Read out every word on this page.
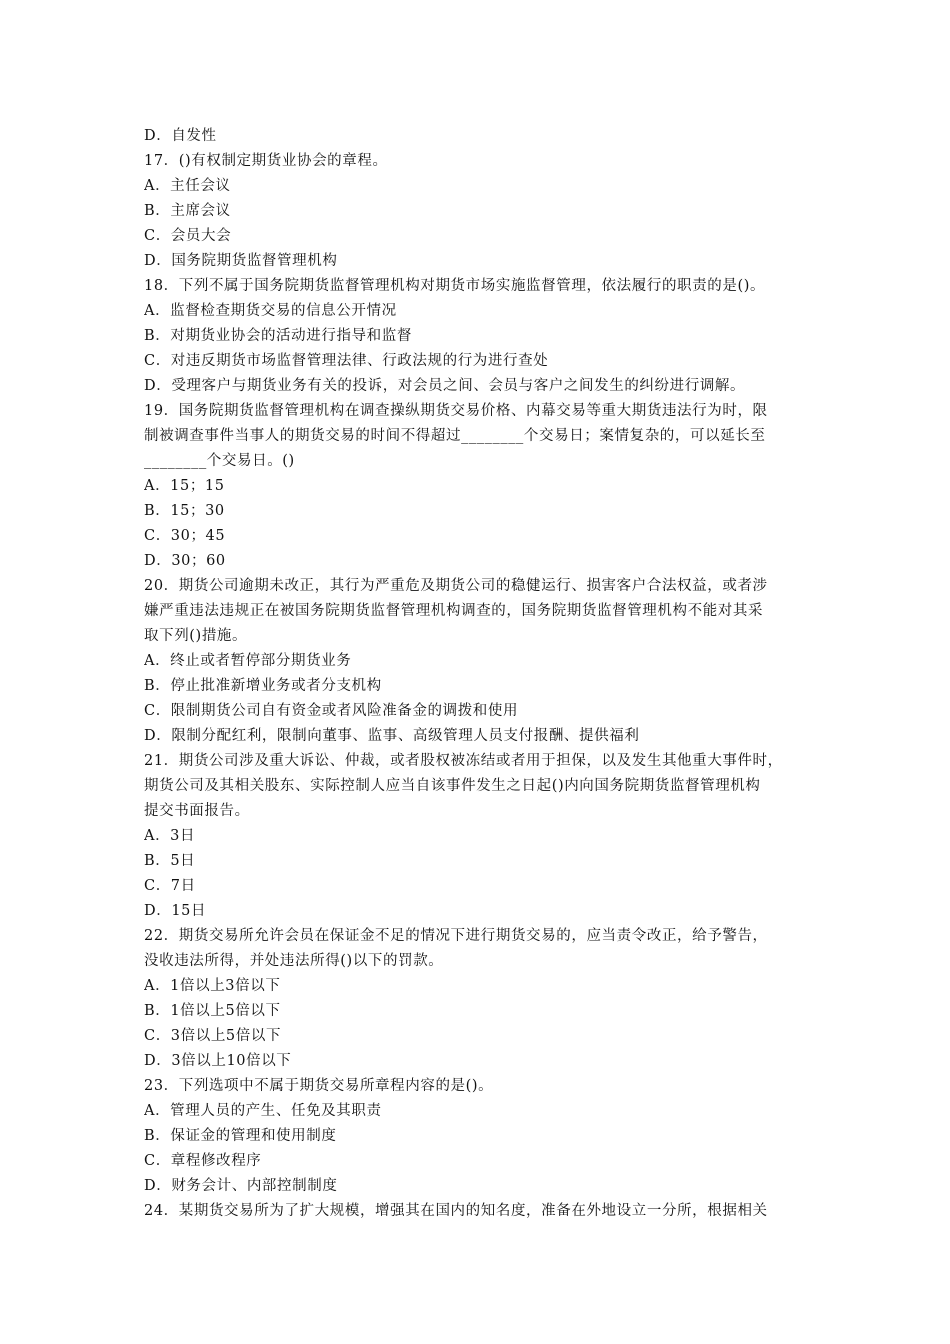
D．自发性
17．()有权制定期货业协会的章程。
A．主任会议
B．主席会议
C．会员大会
D．国务院期货监督管理机构
18．下列不属于国务院期货监督管理机构对期货市场实施监督管理，依法履行的职责的是()。
A．监督检查期货交易的信息公开情况
B．对期货业协会的活动进行指导和监督
C．对违反期货市场监督管理法律、行政法规的行为进行查处
D．受理客户与期货业务有关的投诉，对会员之间、会员与客户之间发生的纠纷进行调解。
19．国务院期货监督管理机构在调查操纵期货交易价格、内幕交易等重大期货违法行为时，限
制被调查事件当事人的期货交易的时间不得超过________个交易日；案情复杂的，可以延长至
________个交易日。()
A．15；15
B．15；30
C．30；45
D．30；60
20．期货公司逾期未改正，其行为严重危及期货公司的稳健运行、损害客户合法权益，或者涉
嫌严重违法违规正在被国务院期货监督管理机构调查的，国务院期货监督管理机构不能对其采
取下列()措施。
A．终止或者暂停部分期货业务
B．停止批准新增业务或者分支机构
C．限制期货公司自有资金或者风险准备金的调拨和使用
D．限制分配红利，限制向董事、监事、高级管理人员支付报酬、提供福利
21．期货公司涉及重大诉讼、仲裁，或者股权被冻结或者用于担保，以及发生其他重大事件时，
期货公司及其相关股东、实际控制人应当自该事件发生之日起()内向国务院期货监督管理机构
提交书面报告。
A．3日
B．5日
C．7日
D．15日
22．期货交易所允许会员在保证金不足的情况下进行期货交易的，应当责令改正，给予警告，
没收违法所得，并处违法所得()以下的罚款。
A．1倍以上3倍以下
B．1倍以上5倍以下
C．3倍以上5倍以下
D．3倍以上10倍以下
23．下列选项中不属于期货交易所章程内容的是()。
A．管理人员的产生、任免及其职责
B．保证金的管理和使用制度
C．章程修改程序
D．财务会计、内部控制制度
24．某期货交易所为了扩大规模，增强其在国内的知名度，准备在外地设立一分所，根据相关
